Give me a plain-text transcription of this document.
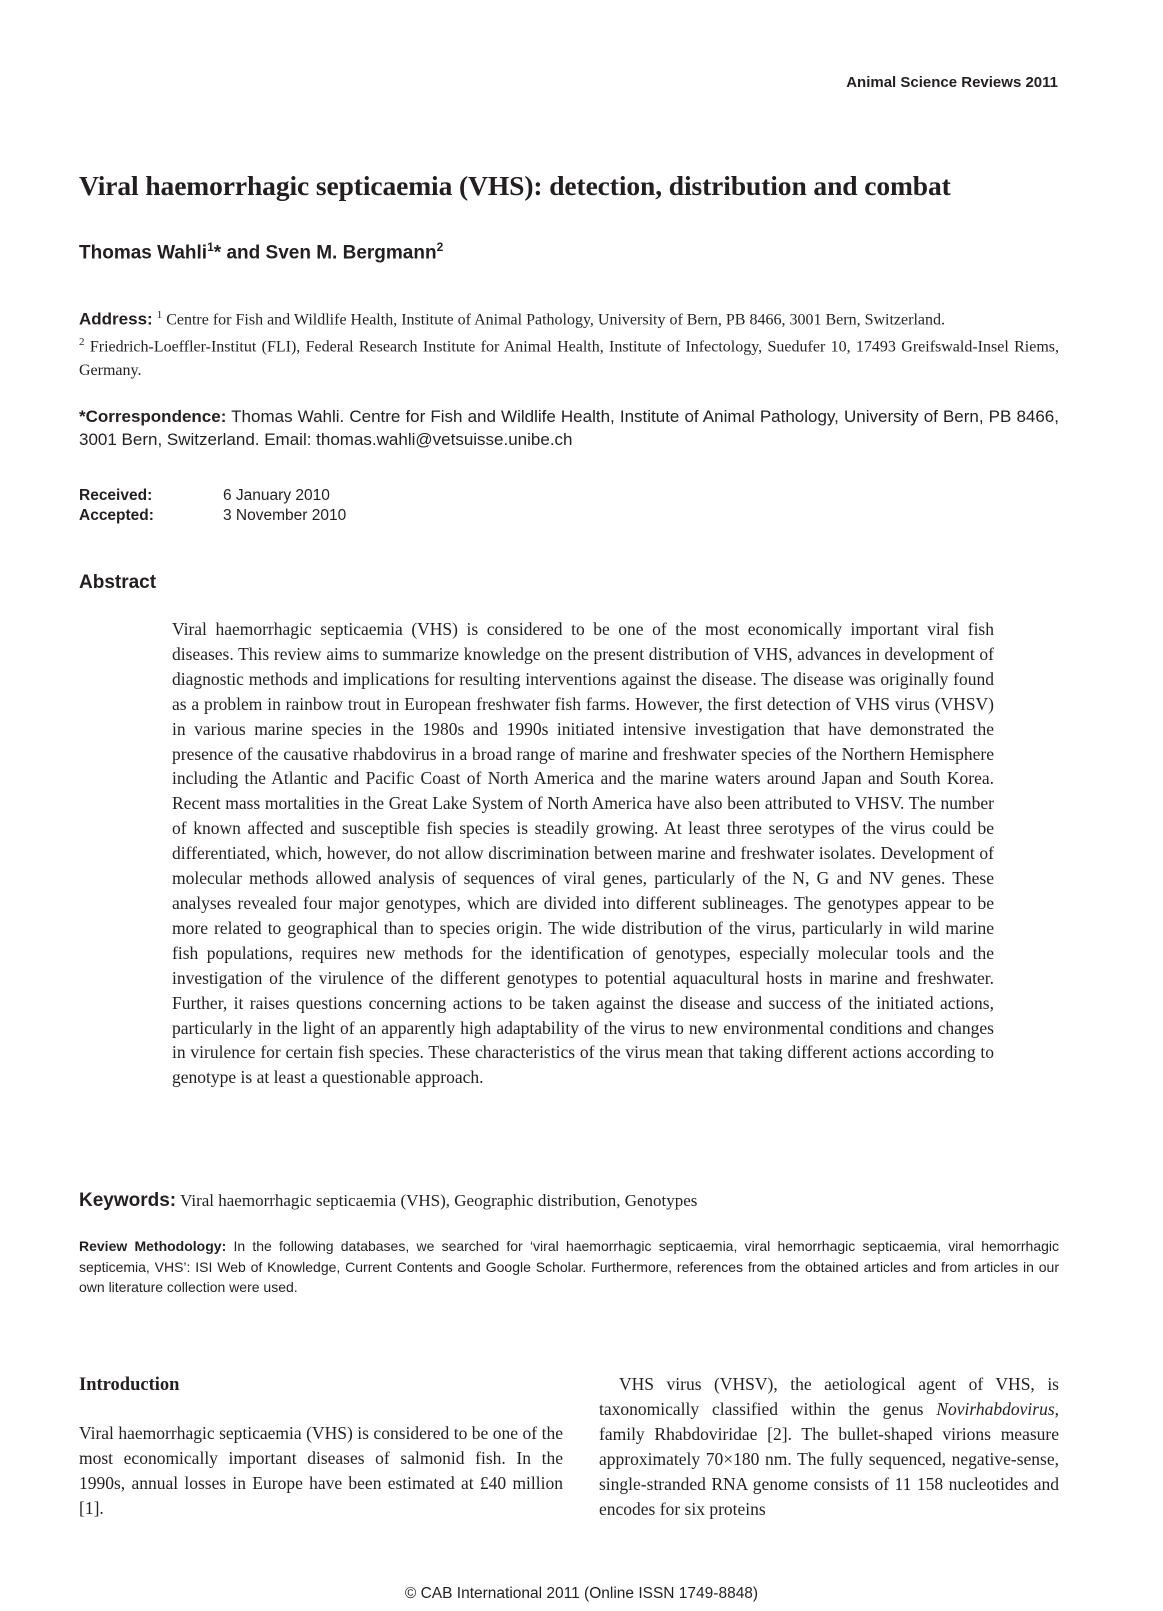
Animal Science Reviews 2011
Viral haemorrhagic septicaemia (VHS): detection, distribution and combat
Thomas Wahli$^1$* and Sven M. Bergmann$^2$
Address: $^1$ Centre for Fish and Wildlife Health, Institute of Animal Pathology, University of Bern, PB 8466, 3001 Bern, Switzerland.
$^2$ Friedrich-Loeffler-Institut (FLI), Federal Research Institute for Animal Health, Institute of Infectology, Suedufer 10, 17493 Greifswald-Insel Riems, Germany.
*Correspondence: Thomas Wahli. Centre for Fish and Wildlife Health, Institute of Animal Pathology, University of Bern, PB 8466, 3001 Bern, Switzerland. Email: thomas.wahli@vetsuisse.unibe.ch
Received:	6 January 2010
Accepted:	3 November 2010
Abstract
Viral haemorrhagic septicaemia (VHS) is considered to be one of the most economically important viral fish diseases. This review aims to summarize knowledge on the present distribution of VHS, advances in development of diagnostic methods and implications for resulting interventions against the disease. The disease was originally found as a problem in rainbow trout in European freshwater fish farms. However, the first detection of VHS virus (VHSV) in various marine species in the 1980s and 1990s initiated intensive investigation that have demonstrated the presence of the causative rhabdovirus in a broad range of marine and freshwater species of the Northern Hemisphere including the Atlantic and Pacific Coast of North America and the marine waters around Japan and South Korea. Recent mass mortalities in the Great Lake System of North America have also been attributed to VHSV. The number of known affected and susceptible fish species is steadily growing. At least three serotypes of the virus could be differentiated, which, however, do not allow discrimination between marine and freshwater isolates. Development of molecular methods allowed analysis of sequences of viral genes, particularly of the N, G and NV genes. These analyses revealed four major genotypes, which are divided into different sublineages. The genotypes appear to be more related to geographical than to species origin. The wide distribution of the virus, particularly in wild marine fish populations, requires new methods for the identification of genotypes, especially molecular tools and the investigation of the virulence of the different genotypes to potential aquacultural hosts in marine and freshwater. Further, it raises questions concerning actions to be taken against the disease and success of the initiated actions, particularly in the light of an apparently high adaptability of the virus to new environmental conditions and changes in virulence for certain fish species. These characteristics of the virus mean that taking different actions according to genotype is at least a questionable approach.
Keywords: Viral haemorrhagic septicaemia (VHS), Geographic distribution, Genotypes
Review Methodology: In the following databases, we searched for ‘viral haemorrhagic septicaemia, viral hemorrhagic septicaemia, viral hemorrhagic septicemia, VHS’: ISI Web of Knowledge, Current Contents and Google Scholar. Furthermore, references from the obtained articles and from articles in our own literature collection were used.
Introduction
Viral haemorrhagic septicaemia (VHS) is considered to be one of the most economically important diseases of salmonid fish. In the 1990s, annual losses in Europe have been estimated at £40 million [1].
VHS virus (VHSV), the aetiological agent of VHS, is taxonomically classified within the genus Novirhabdovirus, family Rhabdoviridae [2]. The bullet-shaped virions measure approximately 70×180 nm. The fully sequenced, negative-sense, single-stranded RNA genome consists of 11 158 nucleotides and encodes for six proteins
© CAB International 2011 (Online ISSN 1749-8848)
